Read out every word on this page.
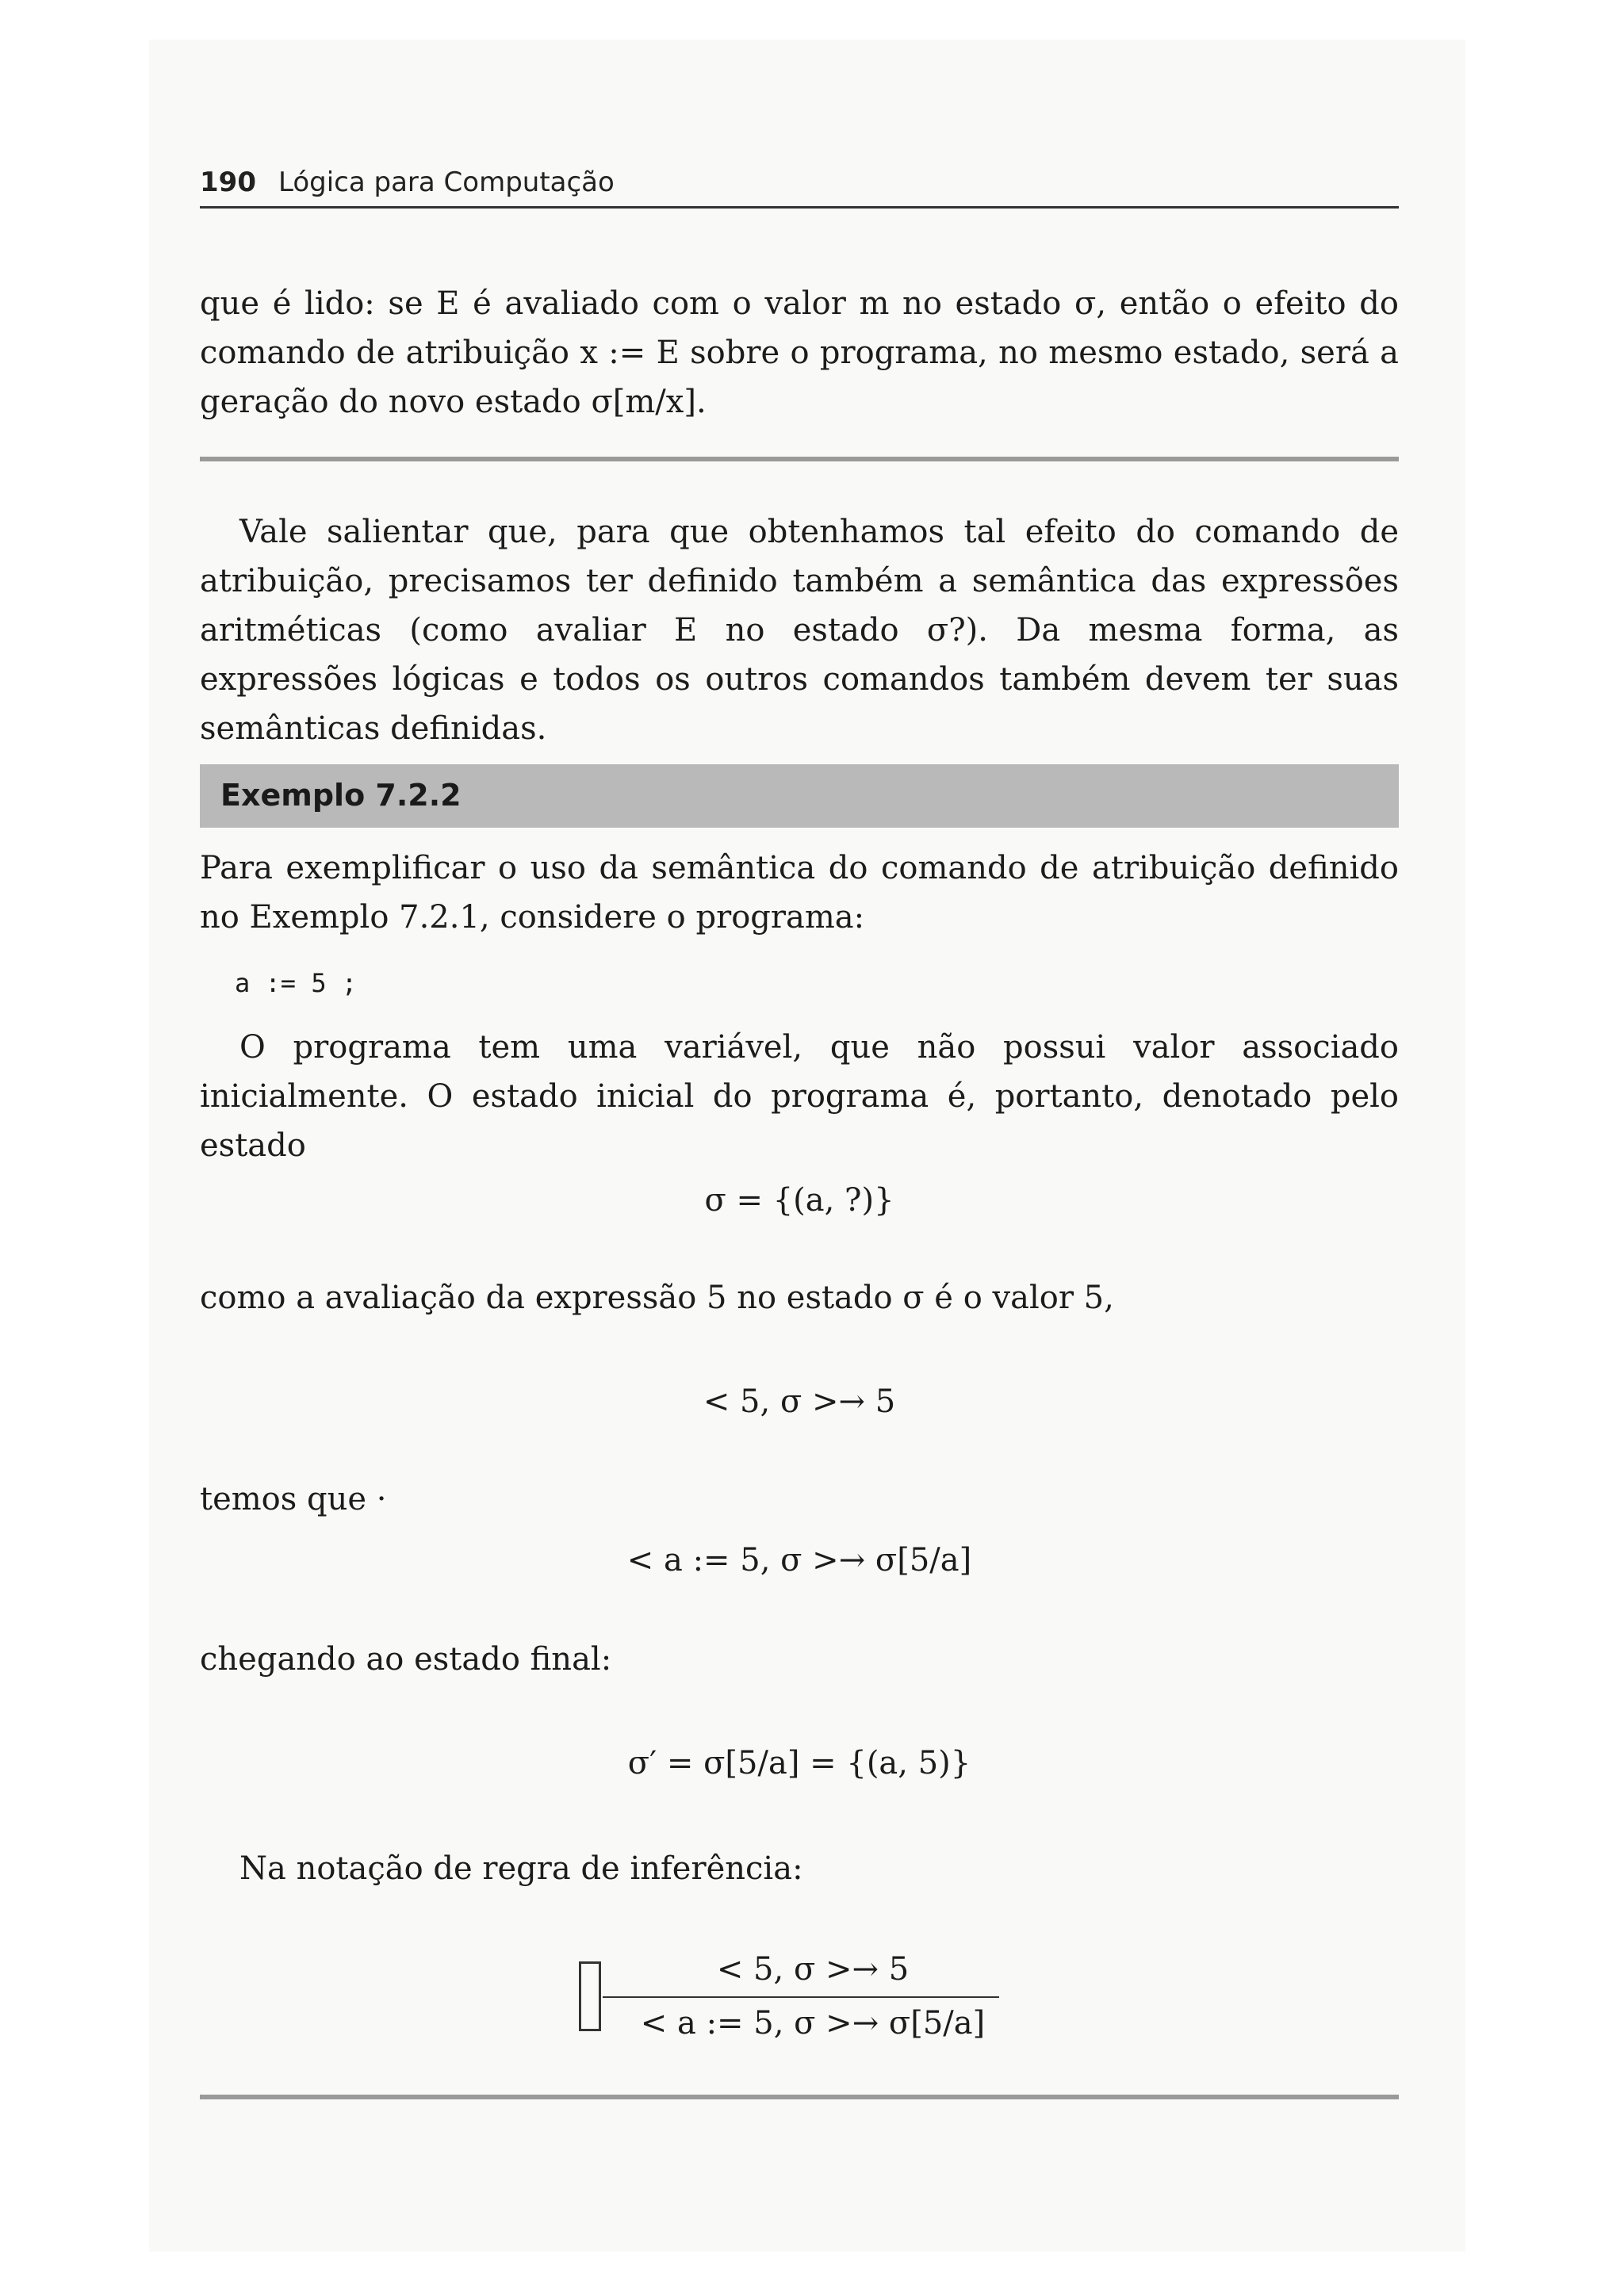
190 Lógica para Computação

que é lido: se E é avaliado com o valor m no estado σ, então o efeito do comando de atribuição x := E sobre o programa, no mesmo estado, será a geração do novo estado σ[m/x].

Vale salientar que, para que obtenhamos tal efeito do comando de atribuição, precisamos ter definido também a semântica das expressões aritméticas (como avaliar E no estado σ?). Da mesma forma, as expressões lógicas e todos os outros comandos também devem ter suas semânticas definidas.

Exemplo 7.2.2

Para exemplificar o uso da semântica do comando de atribuição definido no Exemplo 7.2.1, considere o programa:

a := 5 ;

O programa tem uma variável, que não possui valor associado inicialmente. O estado inicial do programa é, portanto, denotado pelo estado

σ = {(a, ?)}

como a avaliação da expressão 5 no estado σ é o valor 5,

< 5, σ >→ 5

temos que ·

< a := 5, σ >→ σ[5/a]

chegando ao estado final:

σ′ = σ[5/a] = {(a, 5)}

Na notação de regra de inferência:

< 5, σ >→ 5
< a := 5, σ >→ σ[5/a]
